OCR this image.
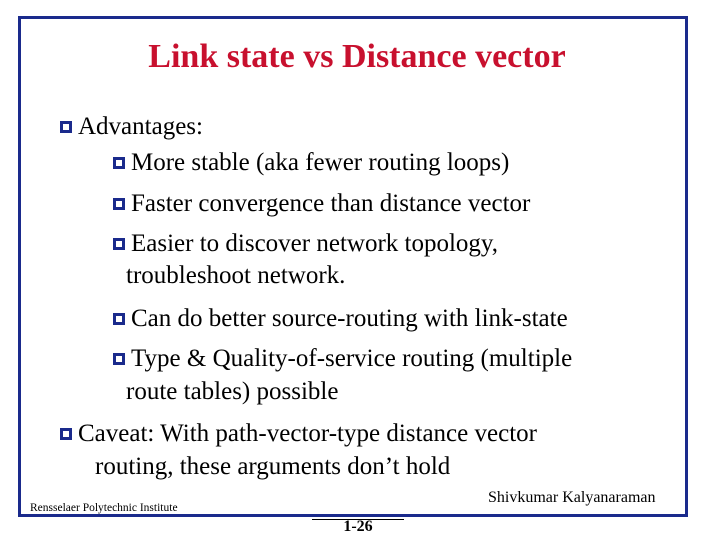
Link state vs Distance vector
Advantages:
More stable (aka fewer routing loops)
Faster convergence than distance vector
Easier to discover network topology,
troubleshoot network.
Can do better source-routing with link-state
Type & Quality-of-service routing (multiple
route tables) possible
Caveat: With path-vector-type distance vector
routing, these arguments don’t hold
Rensselaer Polytechnic Institute
Shivkumar Kalyanaraman
1-26
